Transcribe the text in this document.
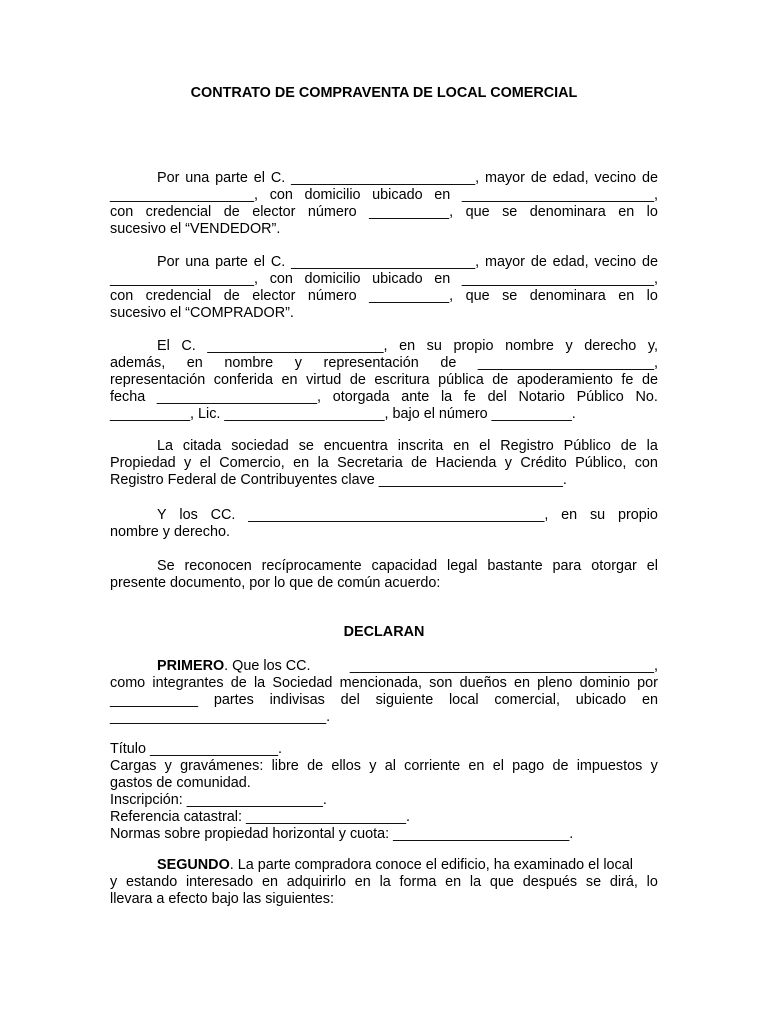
CONTRATO DE COMPRAVENTA DE LOCAL COMERCIAL
Por una parte el C. _______________________, mayor de edad, vecino de
__________________, con domicilio ubicado en ________________________,
con credencial de elector número __________, que se denominara en lo
sucesivo el “VENDEDOR”.
Por una parte el C. _______________________, mayor de edad, vecino de
__________________, con domicilio ubicado en ________________________,
con credencial de elector número __________, que se denominara en lo
sucesivo el “COMPRADOR”.
El C. ______________________, en su propio nombre y derecho y,
además, en nombre y representación de ______________________,
representación conferida en virtud de escritura pública de apoderamiento fe de
fecha ____________________, otorgada ante la fe del Notario Público No.
__________, Lic. ____________________, bajo el número __________.
La citada sociedad se encuentra inscrita en el Registro Público de la
Propiedad y el Comercio, en la Secretaria de Hacienda y Crédito Público, con
Registro Federal de Contribuyentes clave _______________________.
Y los CC. _____________________________________, en su propio
nombre y derecho.
Se reconocen recíprocamente capacidad legal bastante para otorgar el
presente documento, por lo que de común acuerdo:
DECLARAN
PRIMERO. Que los CC.	______________________________________,
como integrantes de la Sociedad mencionada, son dueños en pleno dominio por
___________ partes indivisas del siguiente local comercial, ubicado en
___________________________.
Título ________________.
Cargas y gravámenes: libre de ellos y al corriente en el pago de impuestos y
gastos de comunidad.
Inscripción: _________________.
Referencia catastral: ____________________.
Normas sobre propiedad horizontal y cuota: ______________________.
SEGUNDO . La parte compradora conoce el edificio, ha examinado el local
y estando interesado en adquirirlo en la forma en la que después se dirá, lo
llevara a efecto bajo las siguientes:
